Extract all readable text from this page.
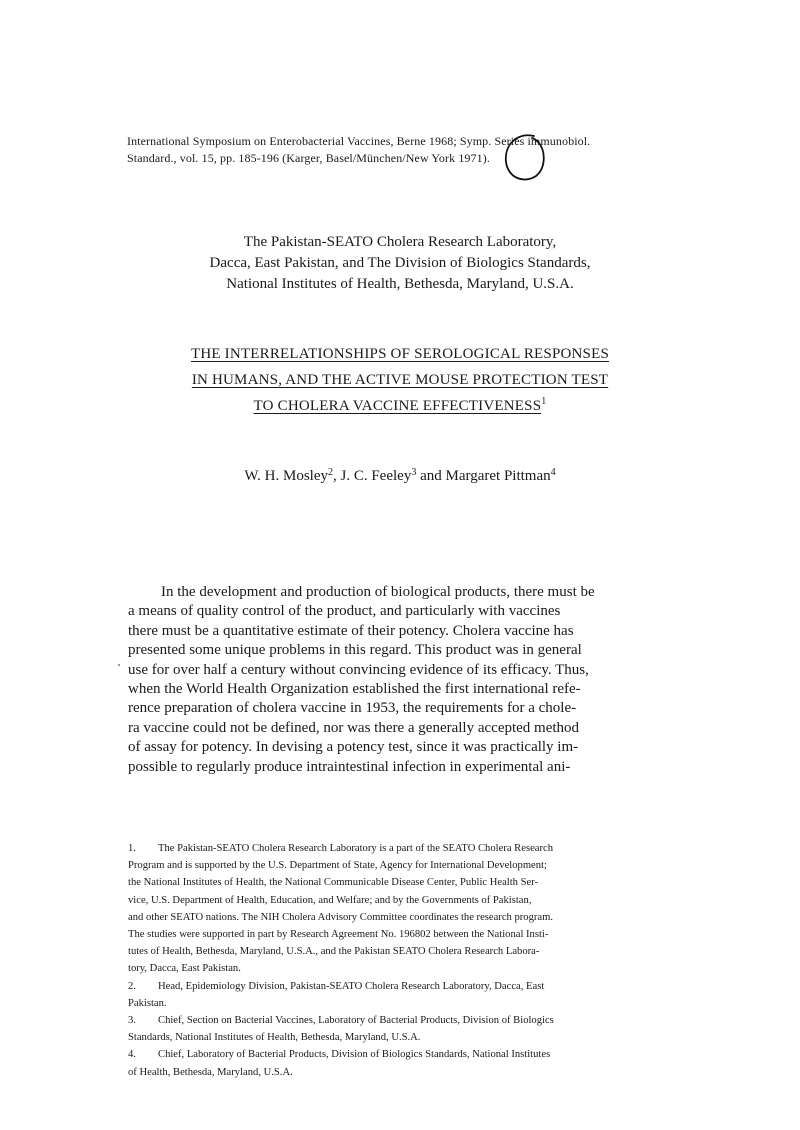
International Symposium on Enterobacterial Vaccines, Berne 1968; Symp. Series immunobiol.
Standard., vol. 15, pp. 185-196 (Karger, Basel/München/New York 1971).
The Pakistan-SEATO Cholera Research Laboratory,
Dacca, East Pakistan, and The Division of Biologics Standards,
National Institutes of Health, Bethesda, Maryland, U.S.A.
THE INTERRELATIONSHIPS OF SEROLOGICAL RESPONSES
IN HUMANS, AND THE ACTIVE MOUSE PROTECTION TEST
TO CHOLERA VACCINE EFFECTIVENESS$^1$
W. H. Mosley$^2$, J. C. Feeley$^3$ and Margaret Pittman$^4$
In the development and production of biological products, there must be
a means of quality control of the product, and particularly with vaccines
there must be a quantitative estimate of their potency. Cholera vaccine has
presented some unique problems in this regard. This product was in general
use for over half a century without convincing evidence of its efficacy. Thus,
when the World Health Organization established the first international refe-
rence preparation of cholera vaccine in 1953, the requirements for a chole-
ra vaccine could not be defined, nor was there a generally accepted method
of assay for potency. In devising a potency test, since it was practically im-
possible to regularly produce intraintestinal infection in experimental ani-
1. The Pakistan-SEATO Cholera Research Laboratory is a part of the SEATO Cholera Research
Program and is supported by the U.S. Department of State, Agency for International Development;
the National Institutes of Health, the National Communicable Disease Center, Public Health Ser-
vice, U.S. Department of Health, Education, and Welfare; and by the Governments of Pakistan,
and other SEATO nations. The NIH Cholera Advisory Committee coordinates the research program.
The studies were supported in part by Research Agreement No. 196802 between the National Insti-
tutes of Health, Bethesda, Maryland, U.S.A., and the Pakistan SEATO Cholera Research Labora-
tory, Dacca, East Pakistan.
2. Head, Epidemiology Division, Pakistan-SEATO Cholera Research Laboratory, Dacca, East
Pakistan.
3. Chief, Section on Bacterial Vaccines, Laboratory of Bacterial Products, Division of Biologics
Standards, National Institutes of Health, Bethesda, Maryland, U.S.A.
4. Chief, Laboratory of Bacterial Products, Division of Biologics Standards, National Institutes
of Health, Bethesda, Maryland, U.S.A.
